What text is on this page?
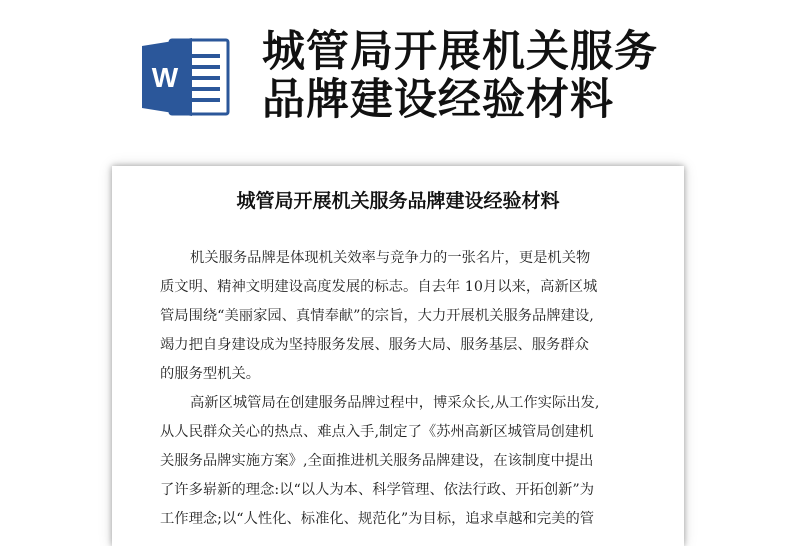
W
城管局开展机关服务
品牌建设经验材料
城管局开展机关服务品牌建设经验材料
机关服务品牌是体现机关效率与竞争力的一张名片，更是机关物
质文明、精神文明建设高度发展的标志。自去年 10月以来，高新区城
管局围绕“美丽家园、真情奉献”的宗旨，大力开展机关服务品牌建设,
竭力把自身建设成为坚持服务发展、服务大局、服务基层、服务群众
的服务型机关。
高新区城管局在创建服务品牌过程中，博采众长,从工作实际出发,
从人民群众关心的热点、难点入手,制定了《苏州高新区城管局创建机
关服务品牌实施方案》,全面推进机关服务品牌建设，在该制度中提出
了许多崭新的理念:以“以人为本、科学管理、依法行政、开拓创新”为
工作理念;以“人性化、标准化、规范化”为目标，追求卓越和完美的管
